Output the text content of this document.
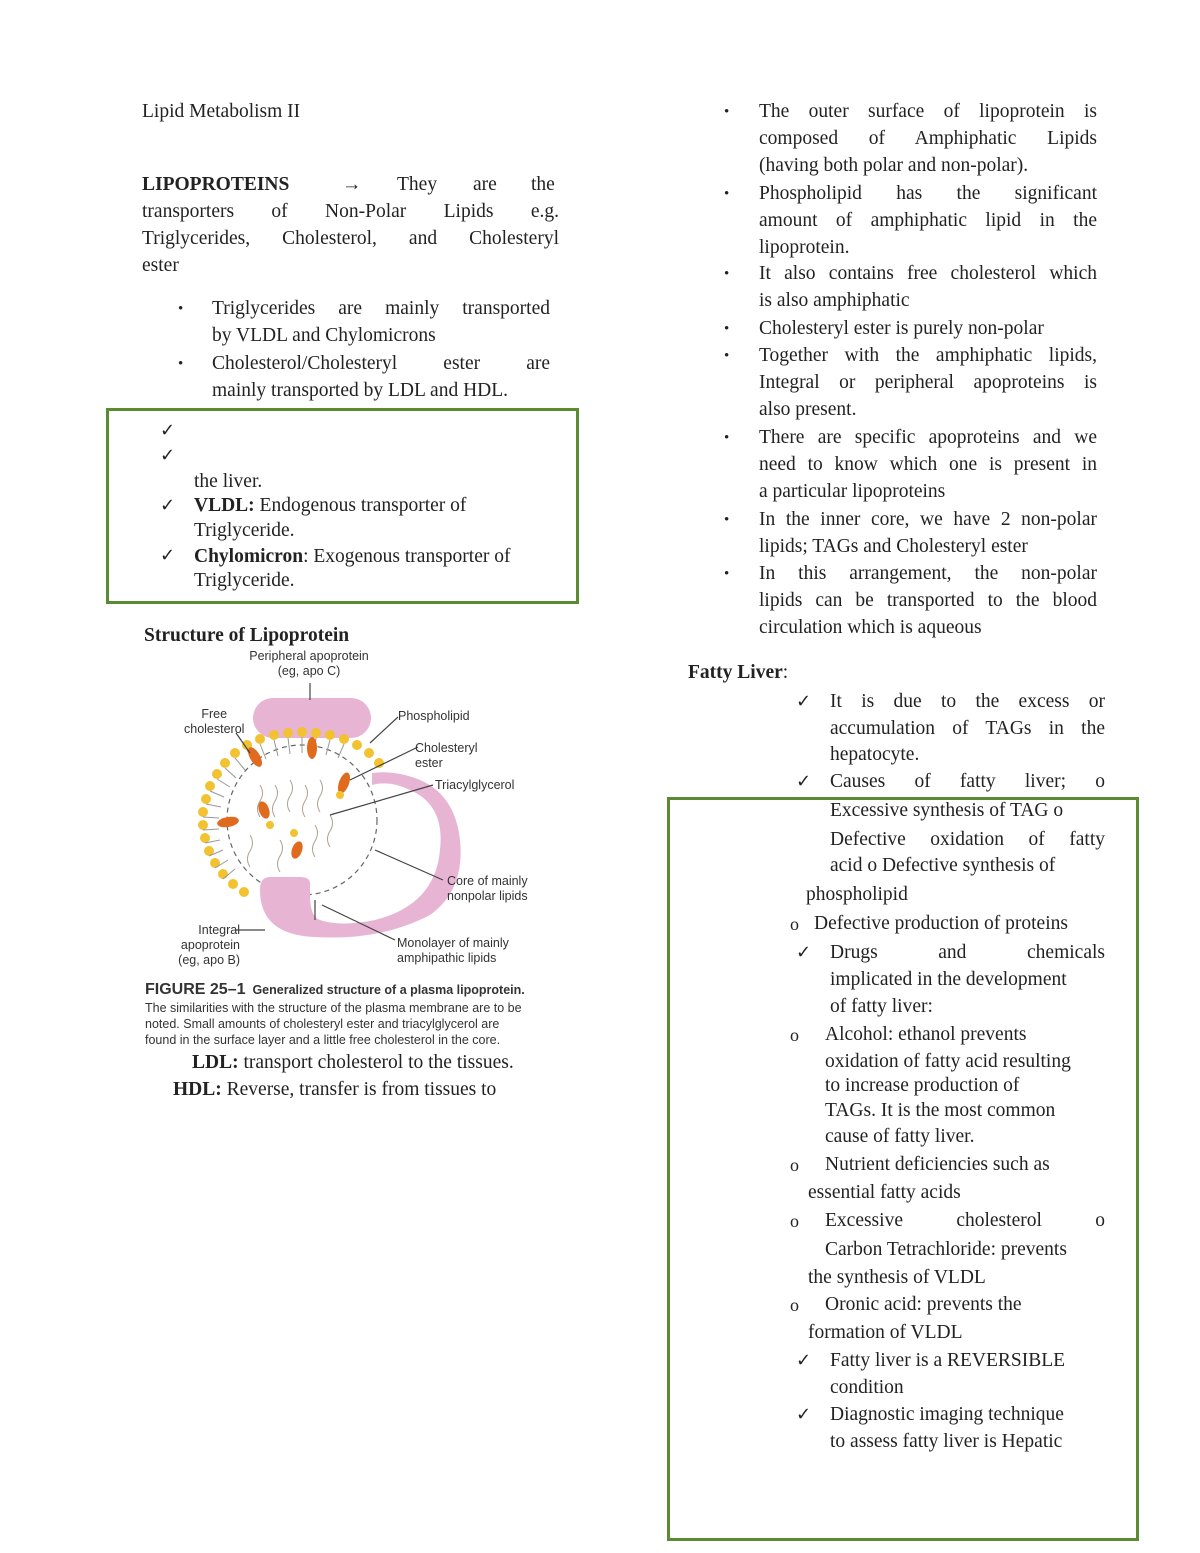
Lipid Metabolism II
LIPOPROTEINS	→ They are the
transporters of Non-Polar Lipids e.g.
Triglycerides, Cholesterol, and Cholesteryl
ester
• Triglycerides are mainly transported
by VLDL and Chylomicrons
• Cholesterol/Cholesteryl ester are
mainly transported by LDL and HDL.
✓
✓
the liver.
✓ VLDL: Endogenous transporter of
Triglyceride.
✓ Chylomicron: Exogenous transporter of
Triglyceride.
Structure of Lipoprotein
Peripheral apoprotein
(eg, apo C)
Free
cholesterol
Phospholipid
Cholesteryl
ester
Triacylglycerol
Core of mainly
nonpolar lipids
Integral
apoprotein
(eg, apo B)
Monolayer of mainly
amphipathic lipids
FIGURE 25–1 Generalized structure of a plasma lipoprotein.
The similarities with the structure of the plasma membrane are to be
noted. Small amounts of cholesteryl ester and triacylglycerol are
found in the surface layer and a little free cholesterol in the core.
LDL: transport cholesterol to the tissues.
HDL: Reverse, transfer is from tissues to
• The outer surface of lipoprotein is
composed of Amphiphatic Lipids
(having both polar and non-polar).
• Phospholipid has the significant
amount of amphiphatic lipid in the
lipoprotein.
• It also contains free cholesterol which
is also amphiphatic
• Cholesteryl ester is purely non-polar
• Together with the amphiphatic lipids,
Integral or peripheral apoproteins is
also present.
• There are specific apoproteins and we
need to know which one is present in
a particular lipoproteins
• In the inner core, we have 2 non-polar
lipids; TAGs and Cholesteryl ester
• In this arrangement, the non-polar
lipids can be transported to the blood
circulation which is aqueous
Fatty Liver:
✓ It is due to the excess or
accumulation of TAGs in the
hepatocyte.
✓ Causes of fatty liver; o
Excessive synthesis of TAG o
Defective oxidation of fatty
acid o Defective synthesis of
phospholipid
o Defective production of proteins
✓ Drugs and chemicals
implicated in the development
of fatty liver:
o Alcohol: ethanol prevents
oxidation of fatty acid resulting
to increase production of
TAGs. It is the most common
cause of fatty liver.
o Nutrient deficiencies such as
essential fatty acids
o Excessive cholesterol o
Carbon Tetrachloride: prevents
the synthesis of VLDL
o Oronic acid: prevents the
formation of VLDL
✓ Fatty liver is a REVERSIBLE
condition
✓ Diagnostic imaging technique
to assess fatty liver is Hepatic
